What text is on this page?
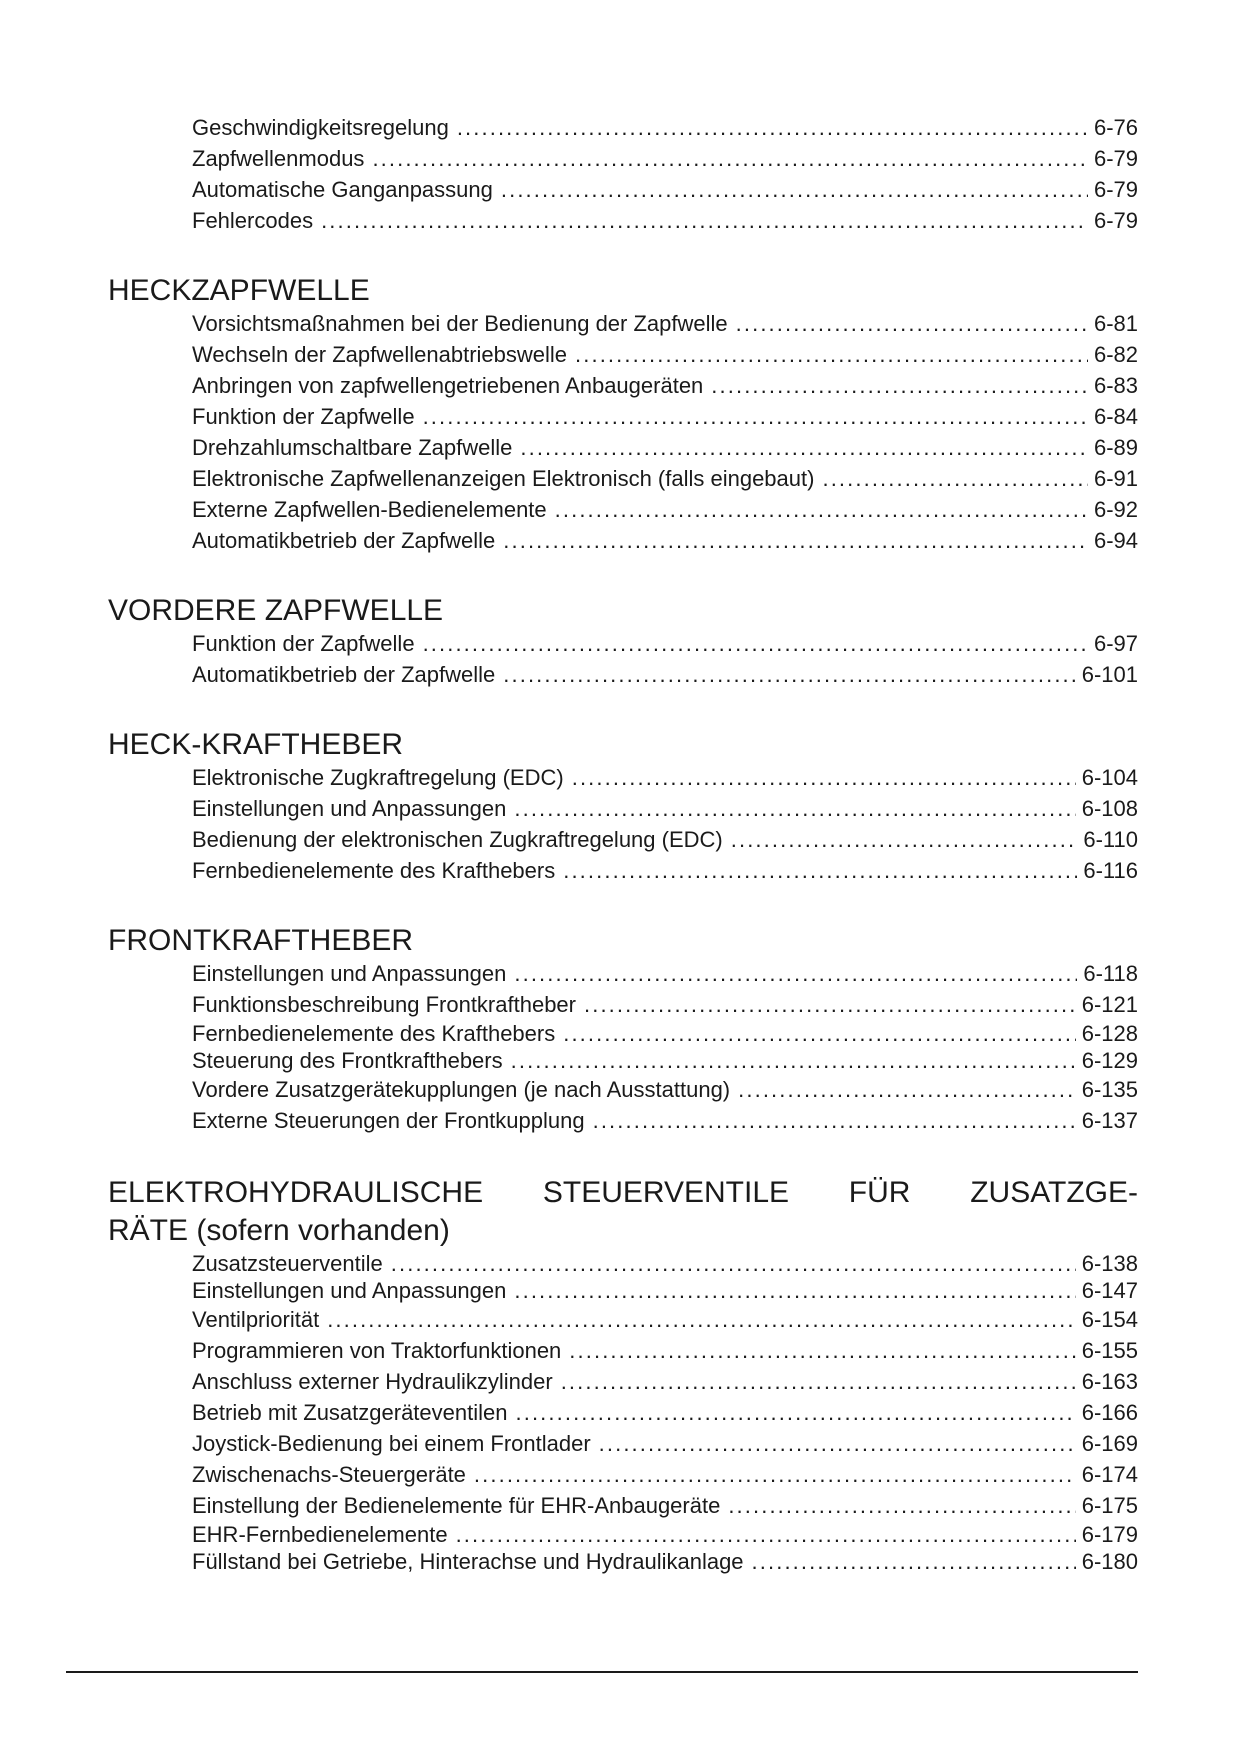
Geschwindigkeitsregelung . . .	6-76
Zapfwellenmodus . . .	6-79
Automatische Ganganpassung . . .	6-79
Fehlercodes . . .	6-79
HECKZAPFWELLE
Vorsichtsmaßnahmen bei der Bedienung der Zapfwelle . . .	6-81
Wechseln der Zapfwellenabtriebswelle . . .	6-82
Anbringen von zapfwellengetriebenen Anbaugeräten . . .	6-83
Funktion der Zapfwelle . . .	6-84
Drehzahlumschaltbare Zapfwelle . . .	6-89
Elektronische Zapfwellenanzeigen Elektronisch (falls eingebaut) . . .	6-91
Externe Zapfwellen-Bedienelemente . . .	6-92
Automatikbetrieb der Zapfwelle . . .	6-94
VORDERE ZAPFWELLE
Funktion der Zapfwelle . . .	6-97
Automatikbetrieb der Zapfwelle . . .	6-101
HECK-KRAFTHEBER
Elektronische Zugkraftregelung (EDC) . . .	6-104
Einstellungen und Anpassungen . . .	6-108
Bedienung der elektronischen Zugkraftregelung (EDC) . . .	6-110
Fernbedienelemente des Krafthebers . . .	6-116
FRONTKRAFTHEBER
Einstellungen und Anpassungen . . .	6-118
Funktionsbeschreibung Frontkraftheber . . .	6-121
Fernbedienelemente des Krafthebers . . .	6-128
Steuerung des Frontkrafthebers . . .	6-129
Vordere Zusatzgerätekupplungen (je nach Ausstattung) . . .	6-135
Externe Steuerungen der Frontkupplung . . .	6-137
ELEKTROHYDRAULISCHE STEUERVENTILE FÜR ZUSATZGE-
RÄTE (sofern vorhanden)
Zusatzsteuerventile . . .	6-138
Einstellungen und Anpassungen . . .	6-147
Ventilpriorität . . .	6-154
Programmieren von Traktorfunktionen . . .	6-155
Anschluss externer Hydraulikzylinder . . .	6-163
Betrieb mit Zusatzgeräteventilen . . .	6-166
Joystick-Bedienung bei einem Frontlader . . .	6-169
Zwischenachs-Steuergeräte . . .	6-174
Einstellung der Bedienelemente für EHR-Anbaugeräte . . .	6-175
EHR-Fernbedienelemente . . .	6-179
Füllstand bei Getriebe, Hinterachse und Hydraulikanlage . . .	6-180
